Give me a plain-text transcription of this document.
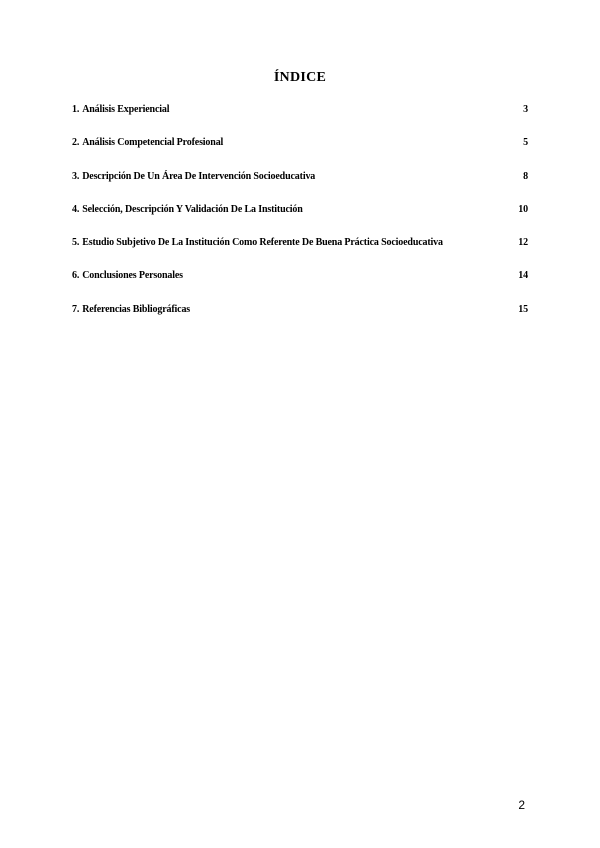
ÍNDICE
1. Análisis Experiencial	3
2. Análisis Competencial Profesional	5
3. Descripción De Un Área De Intervención Socioeducativa	8
4. Selección, Descripción Y Validación De La Institución	10
5. Estudio Subjetivo De La Institución Como Referente De Buena Práctica Socioeducativa	12
6. Conclusiones Personales	14
7. Referencias Bibliográficas	15
2
